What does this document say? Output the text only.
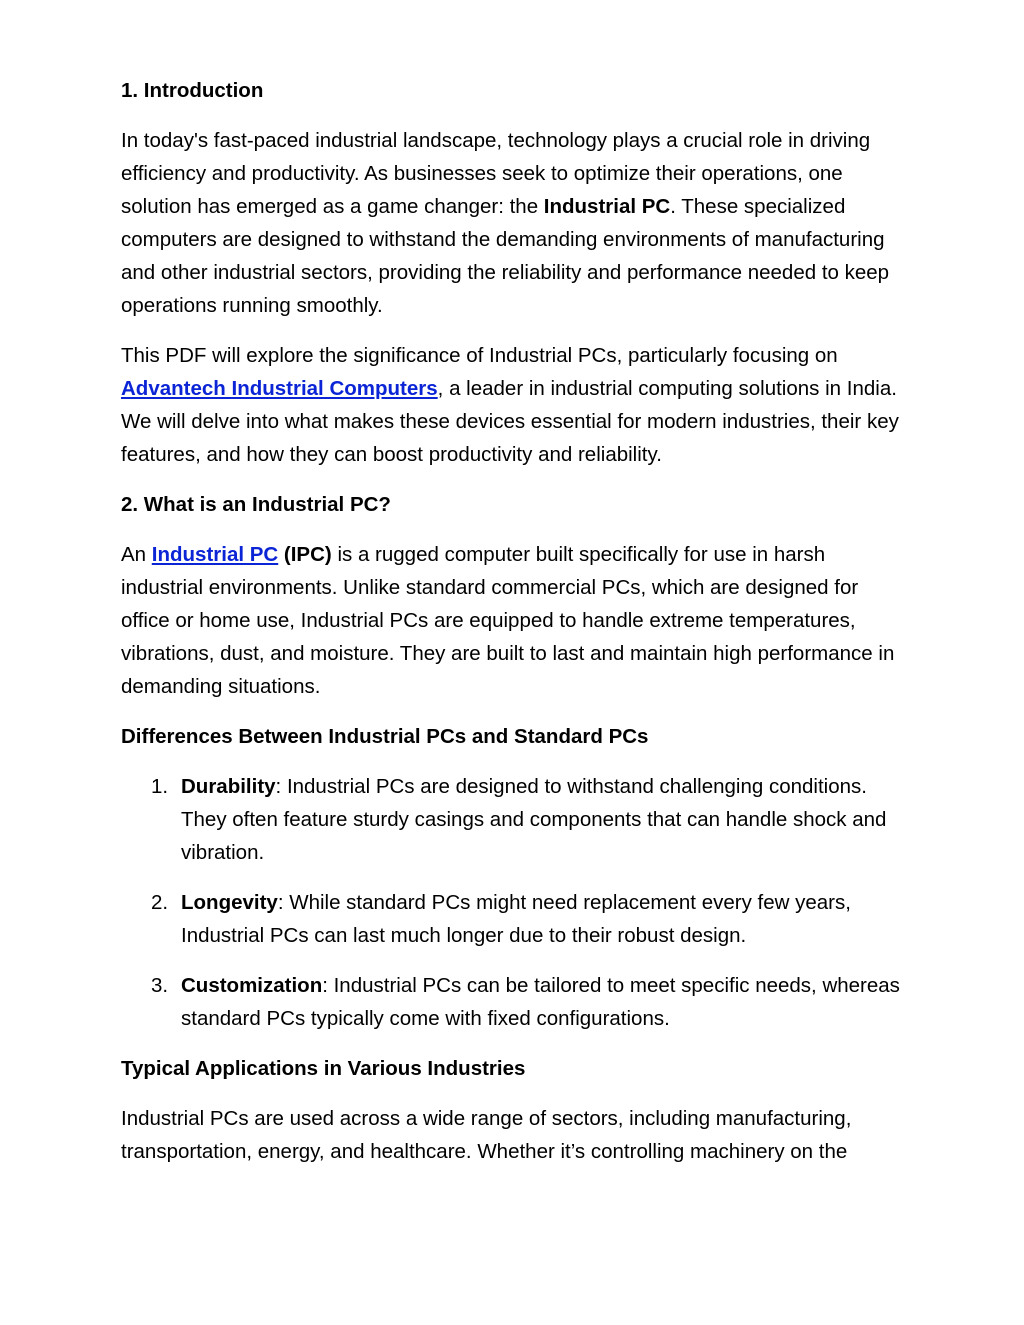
1. Introduction

In today's fast-paced industrial landscape, technology plays a crucial role in driving efficiency and productivity. As businesses seek to optimize their operations, one solution has emerged as a game changer: the Industrial PC. These specialized computers are designed to withstand the demanding environments of manufacturing and other industrial sectors, providing the reliability and performance needed to keep operations running smoothly.

This PDF will explore the significance of Industrial PCs, particularly focusing on Advantech Industrial Computers, a leader in industrial computing solutions in India. We will delve into what makes these devices essential for modern industries, their key features, and how they can boost productivity and reliability.

2. What is an Industrial PC?

An Industrial PC (IPC) is a rugged computer built specifically for use in harsh industrial environments. Unlike standard commercial PCs, which are designed for office or home use, Industrial PCs are equipped to handle extreme temperatures, vibrations, dust, and moisture. They are built to last and maintain high performance in demanding situations.

Differences Between Industrial PCs and Standard PCs
1. Durability: Industrial PCs are designed to withstand challenging conditions. They often feature sturdy casings and components that can handle shock and vibration.
2. Longevity: While standard PCs might need replacement every few years, Industrial PCs can last much longer due to their robust design.
3. Customization: Industrial PCs can be tailored to meet specific needs, whereas standard PCs typically come with fixed configurations.
Typical Applications in Various Industries

Industrial PCs are used across a wide range of sectors, including manufacturing, transportation, energy, and healthcare. Whether it’s controlling machinery on the
